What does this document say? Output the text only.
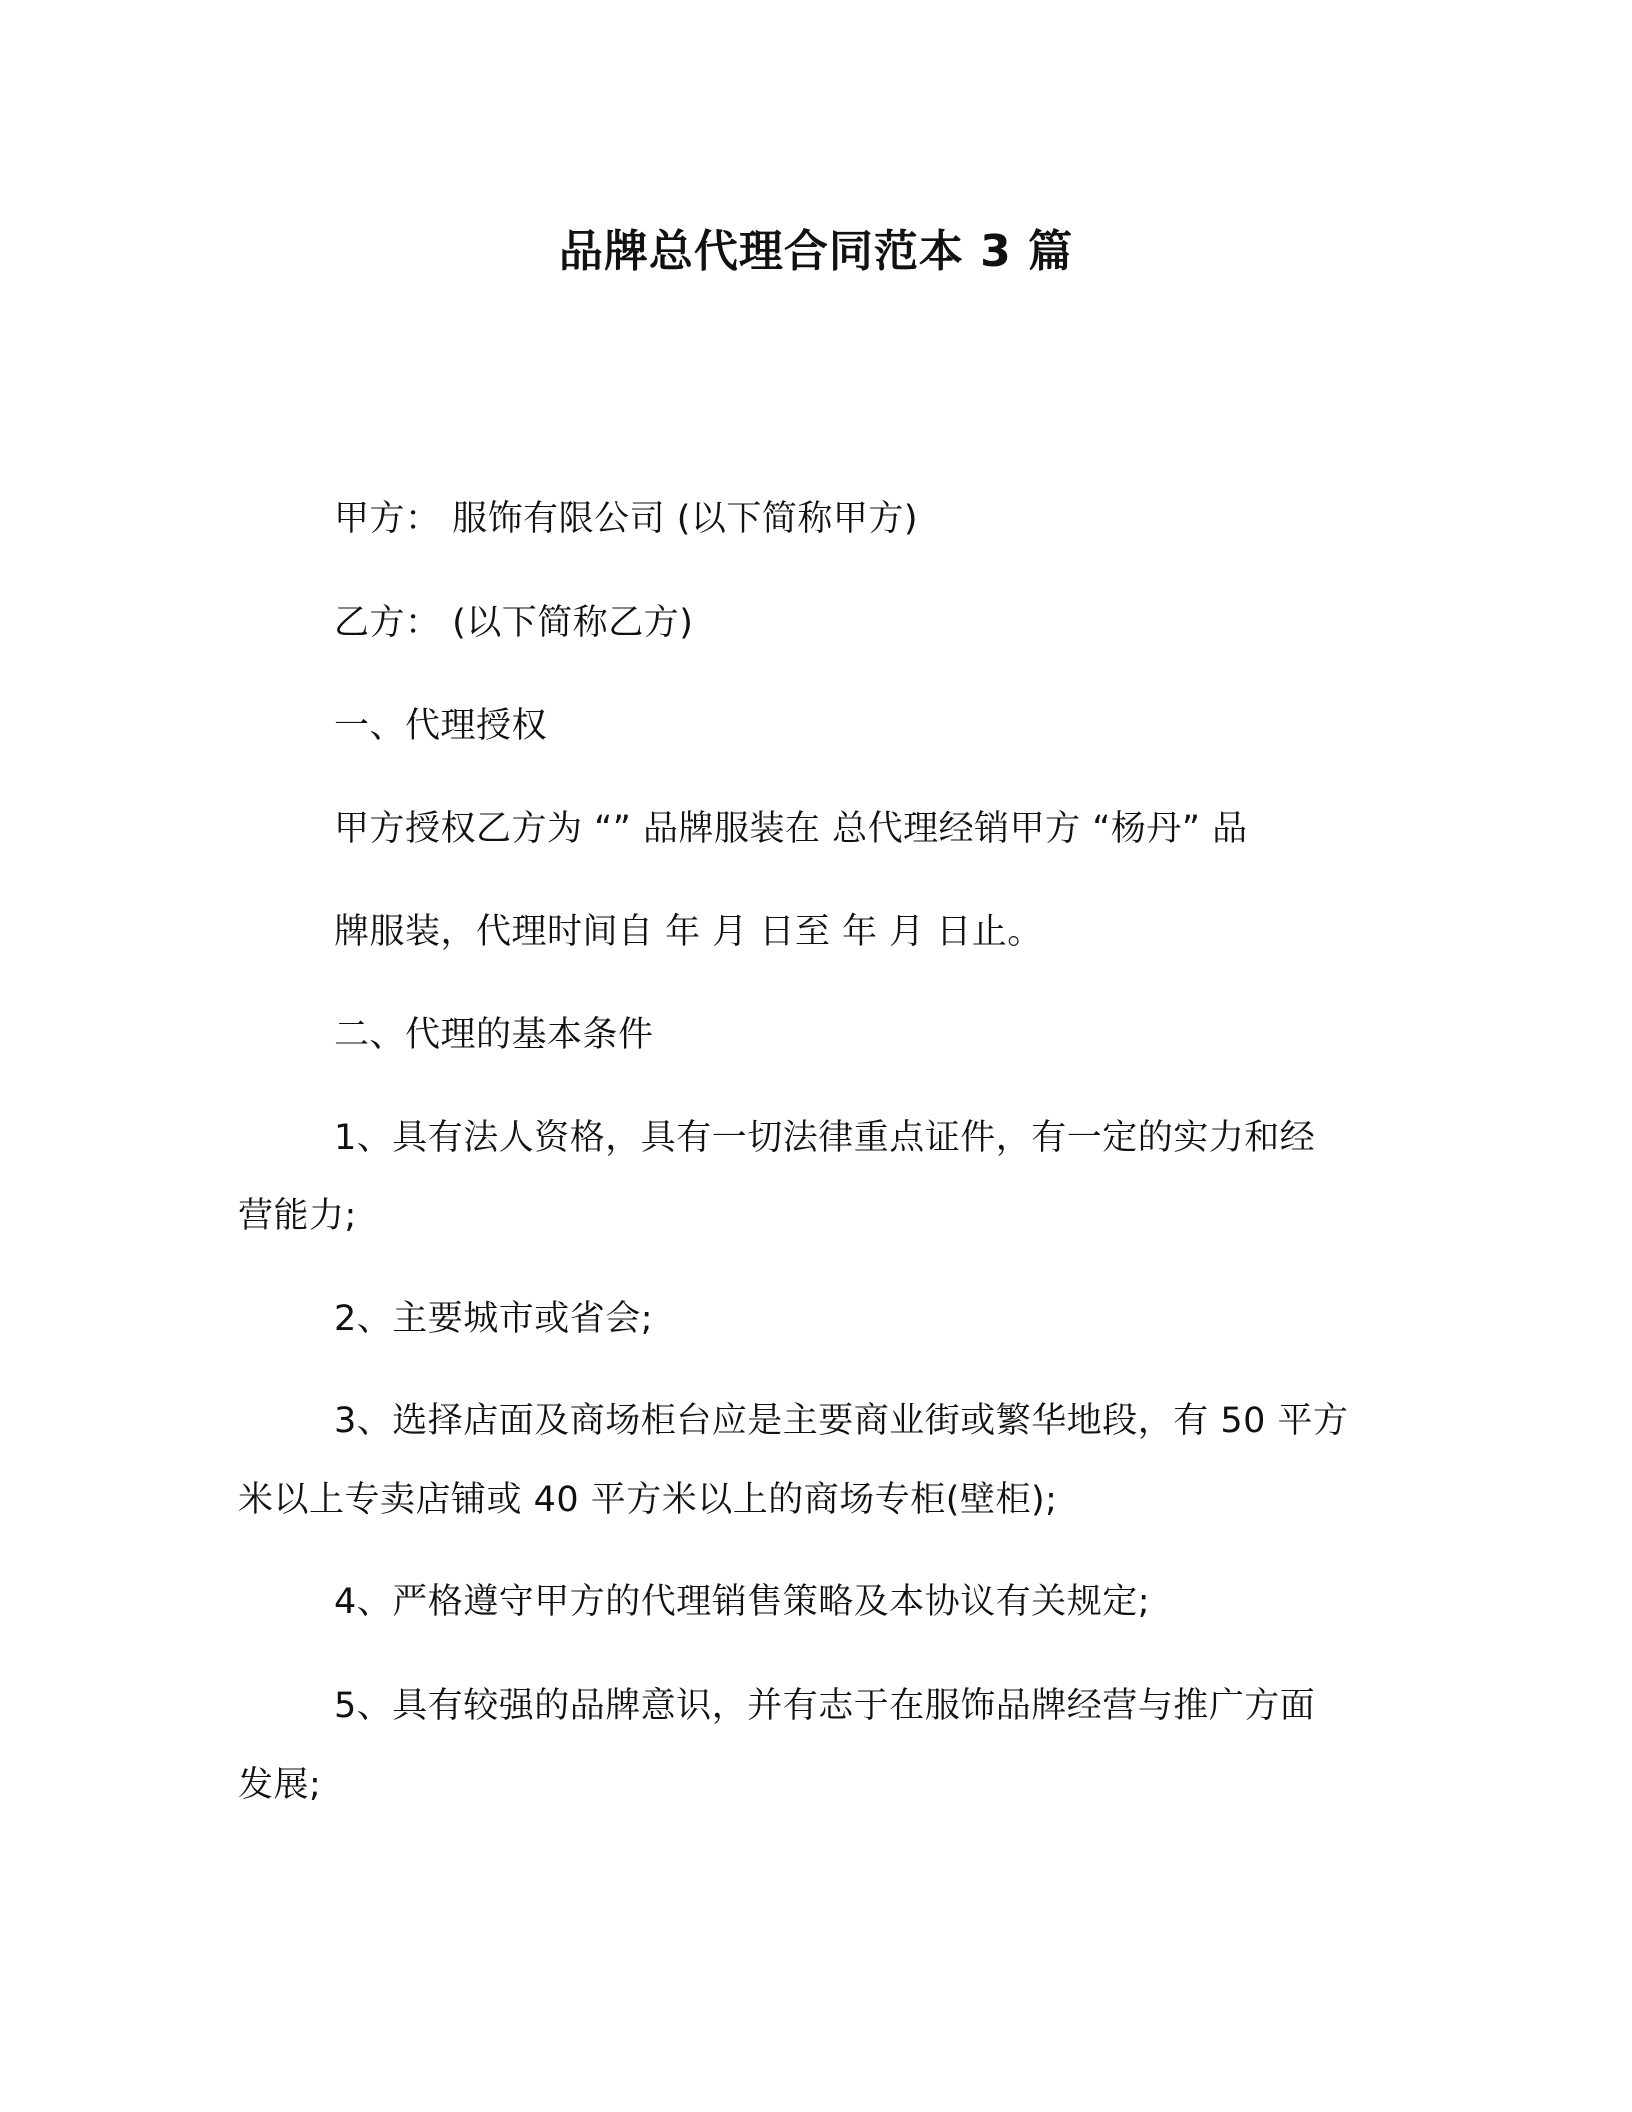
品牌总代理合同范本 3 篇
甲方： 服饰有限公司 (以下简称甲方)
乙方： (以下简称乙方)
一、代理授权
甲方授权乙方为 “” 品牌服装在 总代理经销甲方 “杨丹” 品
牌服装，代理时间自 年 月 日至 年 月 日止。
二、代理的基本条件
1、具有法人资格，具有一切法律重点证件，有一定的实力和经
营能力;
2、主要城市或省会;
3、选择店面及商场柜台应是主要商业街或繁华地段，有 50 平方
米以上专卖店铺或 40 平方米以上的商场专柜(壁柜);
4、严格遵守甲方的代理销售策略及本协议有关规定;
5、具有较强的品牌意识，并有志于在服饰品牌经营与推广方面
发展;
